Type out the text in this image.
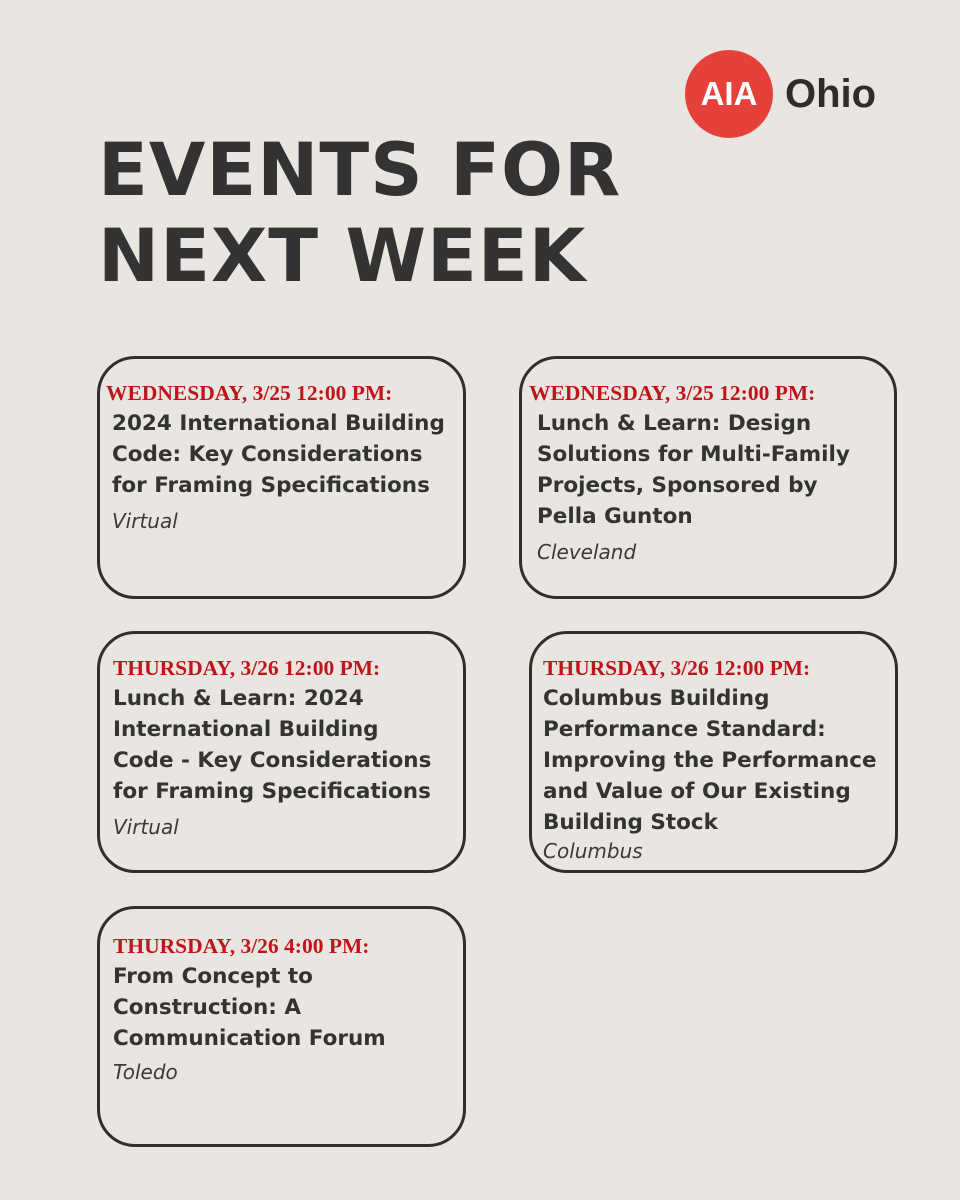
AIA Ohio
EVENTS FOR
NEXT WEEK
WEDNESDAY, 3/25 12:00 PM:

2024 International Building
Code: Key Considerations
for Framing Specifications

Virtual
WEDNESDAY, 3/25 12:00 PM:

Lunch & Learn: Design
Solutions for Multi-Family
Projects, Sponsored by
Pella Gunton

Cleveland
THURSDAY, 3/26 12:00 PM:

Lunch & Learn: 2024
International Building
Code - Key Considerations
for Framing Specifications

Virtual
THURSDAY, 3/26 12:00 PM:

Columbus Building
Performance Standard:
Improving the Performance
and Value of Our Existing
Building Stock

Columbus
THURSDAY, 3/26 4:00 PM:

From Concept to
Construction: A
Communication Forum

Toledo
